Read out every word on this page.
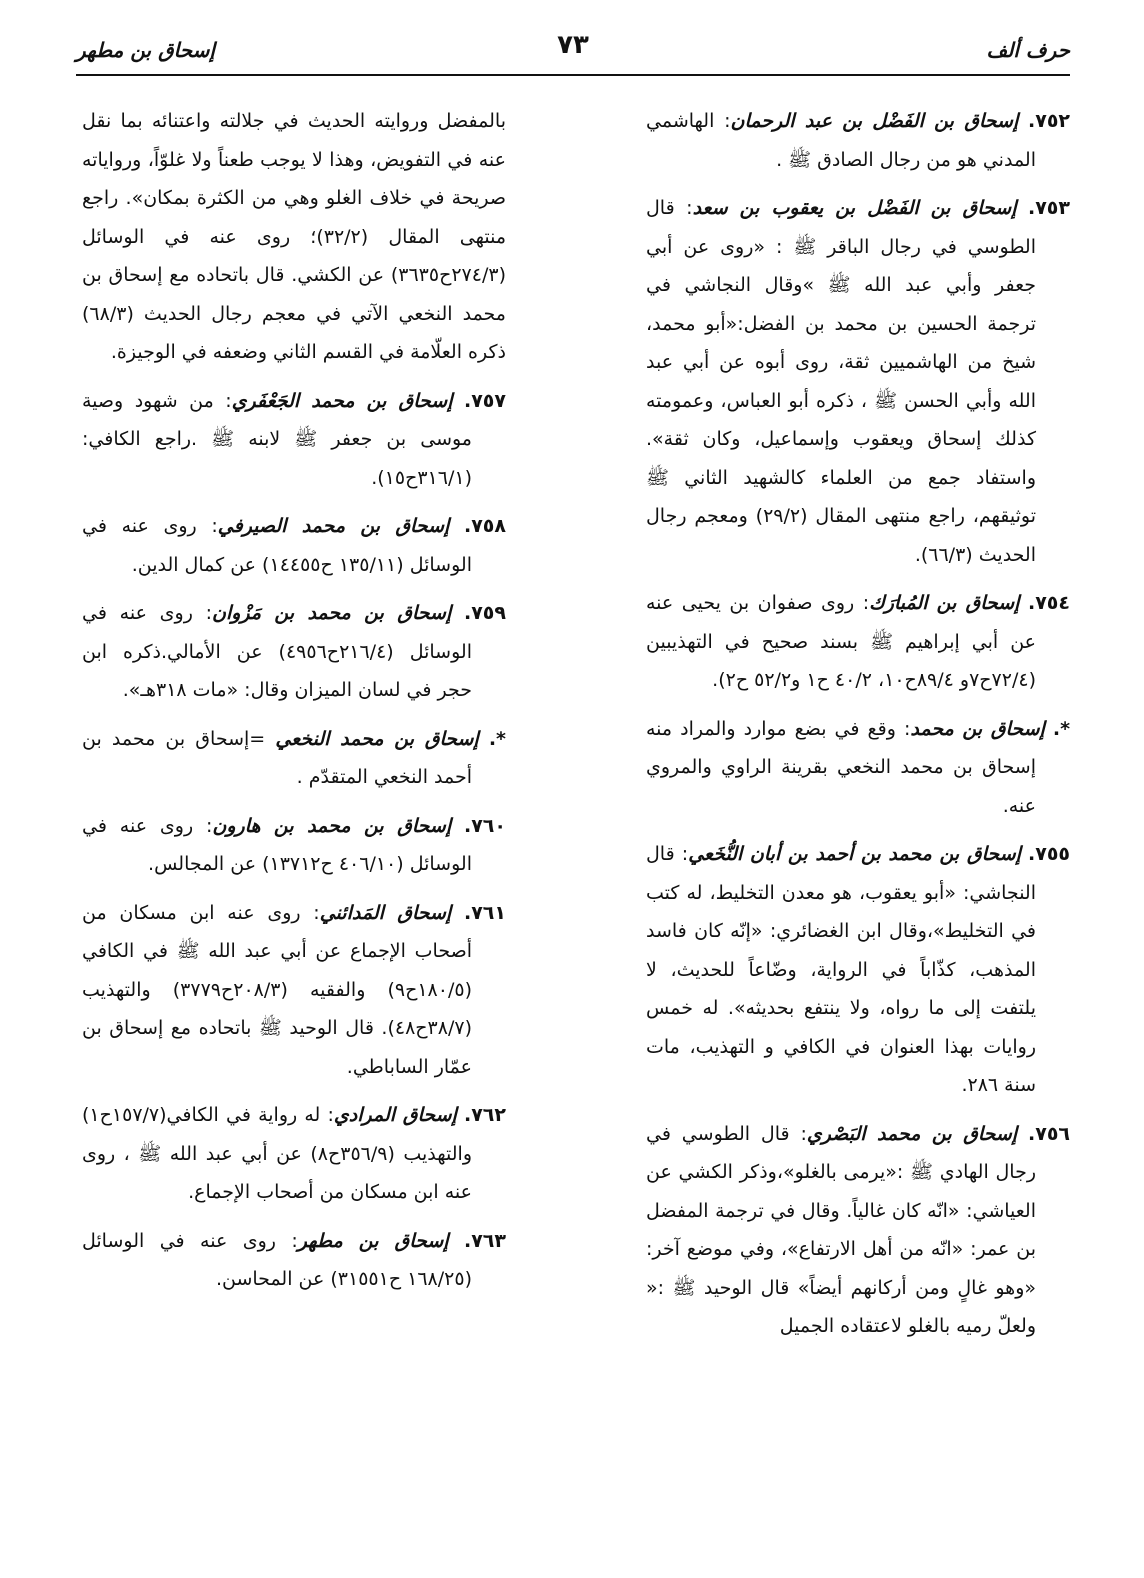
حرف ألف
٧٣
إسحاق بن مطهر

٧٥٢. إسحاق بن الفَضْل بن عبد الرحمان: الهاشمي المدني هو من رجال الصادق ﷺ .

٧٥٣. إسحاق بن الفَضْل بن يعقوب بن سعد: قال الطوسي في رجال الباقر ﷺ : «روى عن أبي جعفر وأبي عبد الله ﷺ »وقال النجاشي في ترجمة الحسين بن محمد بن الفضل:«أبو محمد، شيخ من الهاشميين ثقة، روى أبوه عن أبي عبد الله وأبي الحسن ﷺ ، ذكره أبو العباس، وعمومته كذلك إسحاق ويعقوب وإسماعيل، وكان ثقة». واستفاد جمع من العلماء كالشهيد الثاني ﷺ توثيقهم، راجع منتهى المقال (٢٩/٢) ومعجم رجال الحديث (٦٦/٣).

٧٥٤. إسحاق بن المُبارَك: روى صفوان بن يحيى عنه عن أبي إبراهيم ﷺ بسند صحيح في التهذيبين (٧٢/٤ح٧و ٨٩/٤ح١٠، ٤٠/٢ ح١ و٥٢/٢ ح٢).

*. إسحاق بن محمد: وقع في بضع موارد والمراد منه إسحاق بن محمد النخعي بقرينة الراوي والمروي عنه.

٧٥٥. إسحاق بن محمد بن أحمد بن أبان النُّخَعي: قال النجاشي: «أبو يعقوب، هو معدن التخليط، له كتب في التخليط»،وقال ابن الغضائري: «إنّه كان فاسد المذهب، كذّاباً في الرواية، وضّاعاً للحديث، لا يلتفت إلى ما رواه، ولا ينتفع بحديثه». له خمس روايات بهذا العنوان في الكافي و التهذيب، مات سنة ٢٨٦.

٧٥٦. إسحاق بن محمد البَصْري: قال الطوسي في رجال الهادي ﷺ :«يرمى بالغلو»،وذكر الكشي عن العياشي: «انّه كان غالياً. وقال في ترجمة المفضل بن عمر: «انّه من أهل الارتفاع»، وفي موضع آخر: «وهو غالٍ ومن أركانهم أيضاً» قال الوحيد ﷺ :« ولعلّ رميه بالغلو لاعتقاده الجميل

بالمفضل وروايته الحديث في جلالته واعتنائه بما نقل عنه في التفويض، وهذا لا يوجب طعناً ولا غلوّاً، ورواياته صريحة في خلاف الغلو وهي من الكثرة بمكان». راجع منتهى المقال (٣٢/٢)؛ روى عنه في الوسائل (٢٧٤/٣ح٣٦٣٥) عن الكشي. قال باتحاده مع إسحاق بن محمد النخعي الآتي في معجم رجال الحديث (٦٨/٣) ذكره العلّامة في القسم الثاني وضعفه في الوجيزة.

٧٥٧. إسحاق بن محمد الجَعْفَري: من شهود وصية موسى بن جعفر ﷺ لابنه ﷺ .راجع الكافي: (٣١٦/١ح١٥).

٧٥٨. إسحاق بن محمد الصيرفي: روى عنه في الوسائل (١٣٥/١١ ح١٤٤٥٥) عن كمال الدين.

٧٥٩. إسحاق بن محمد بن مَزْوان: روى عنه في الوسائل (٢١٦/٤ح٤٩٥٦) عن الأمالي.ذكره ابن حجر في لسان الميزان وقال: «مات ٣١٨هـ».

*. إسحاق بن محمد النخعي =إسحاق بن محمد بن أحمد النخعي المتقدّم .

٧٦٠. إسحاق بن محمد بن هارون: روى عنه في الوسائل (٤٠٦/١٠ ح١٣٧١٢) عن المجالس.

٧٦١. إسحاق المَدائني: روى عنه ابن مسكان من أصحاب الإجماع عن أبي عبد الله ﷺ في الكافي (١٨٠/٥ح٩) والفقيه (٢٠٨/٣ح٣٧٧٩) والتهذيب (٣٨/٧ح٤٨). قال الوحيد ﷺ باتحاده مع إسحاق بن عمّار الساباطي.

٧٦٢. إسحاق المرادي: له رواية في الكافي(١٥٧/٧ح١) والتهذيب (٣٥٦/٩ح٨) عن أبي عبد الله ﷺ ، روى عنه ابن مسكان من أصحاب الإجماع.

٧٦٣. إسحاق بن مطهر: روى عنه في الوسائل (١٦٨/٢٥ ح٣١٥٥١) عن المحاسن.
